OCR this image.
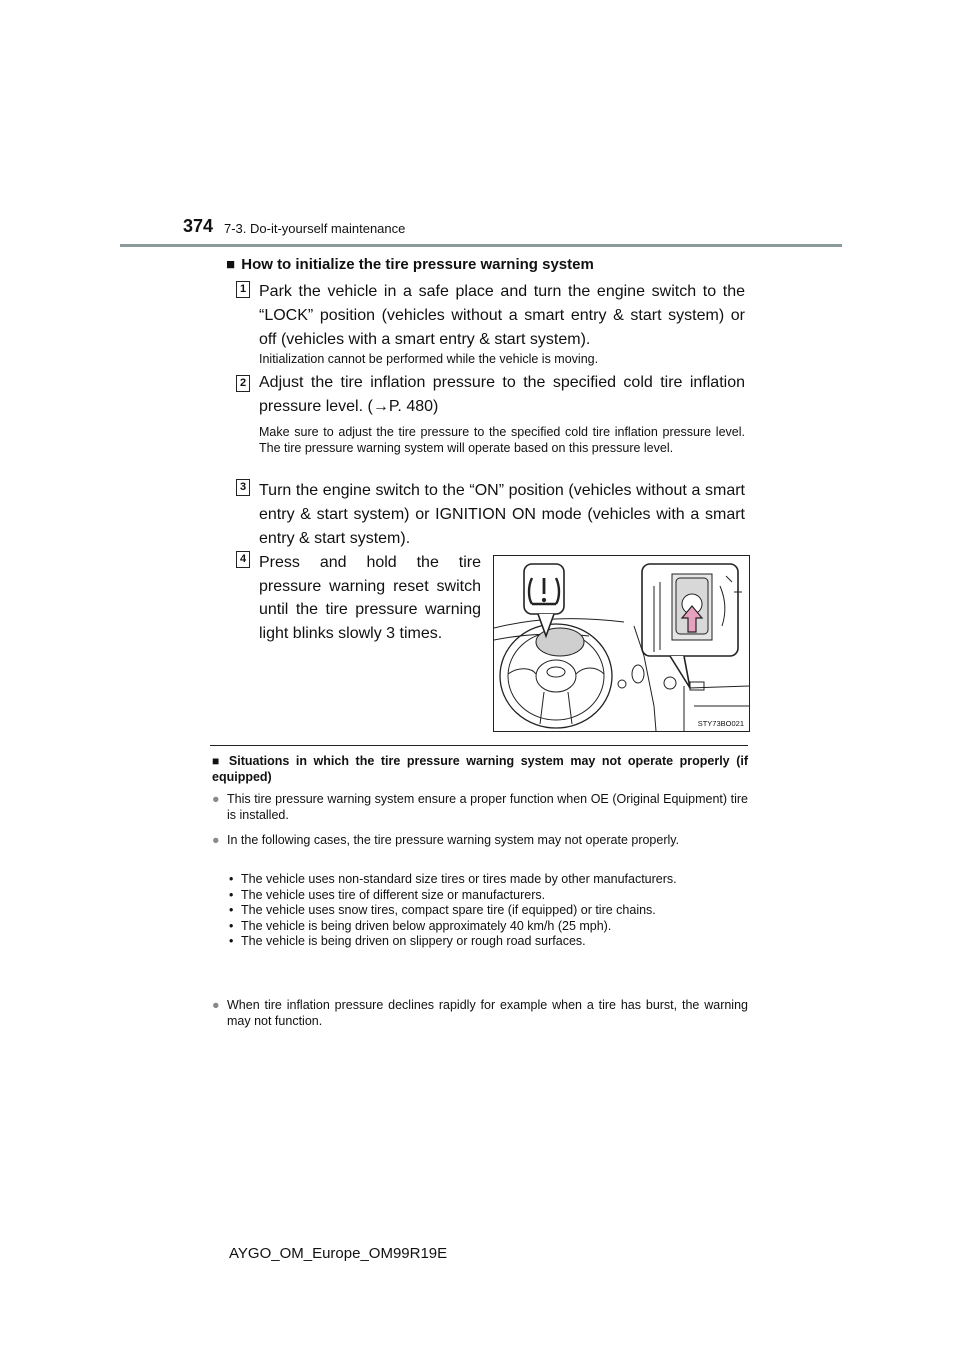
374 7-3. Do-it-yourself maintenance
■ How to initialize the tire pressure warning system
1 Park the vehicle in a safe place and turn the engine switch to the “LOCK” position (vehicles without a smart entry & start system) or off (vehicles with a smart entry & start system).
Initialization cannot be performed while the vehicle is moving.
2 Adjust the tire inflation pressure to the specified cold tire inflation pressure level. (→P. 480)
Make sure to adjust the tire pressure to the specified cold tire inflation pressure level. The tire pressure warning system will operate based on this pressure level.
3 Turn the engine switch to the “ON” position (vehicles without a smart entry & start system) or IGNITION ON mode (vehicles with a smart entry & start system).
4 Press and hold the tire pressure warning reset switch until the tire pressure warning light blinks slowly 3 times.
STY73BO021
■ Situations in which the tire pressure warning system may not operate properly (if equipped)
● This tire pressure warning system ensure a proper function when OE (Original Equipment) tire is installed.
● In the following cases, the tire pressure warning system may not operate properly.
• The vehicle uses non-standard size tires or tires made by other manufacturers.
• The vehicle uses tire of different size or manufacturers.
• The vehicle uses snow tires, compact spare tire (if equipped) or tire chains.
• The vehicle is being driven below approximately 40 km/h (25 mph).
• The vehicle is being driven on slippery or rough road surfaces.
● When tire inflation pressure declines rapidly for example when a tire has burst, the warning may not function.
AYGO_OM_Europe_OM99R19E
